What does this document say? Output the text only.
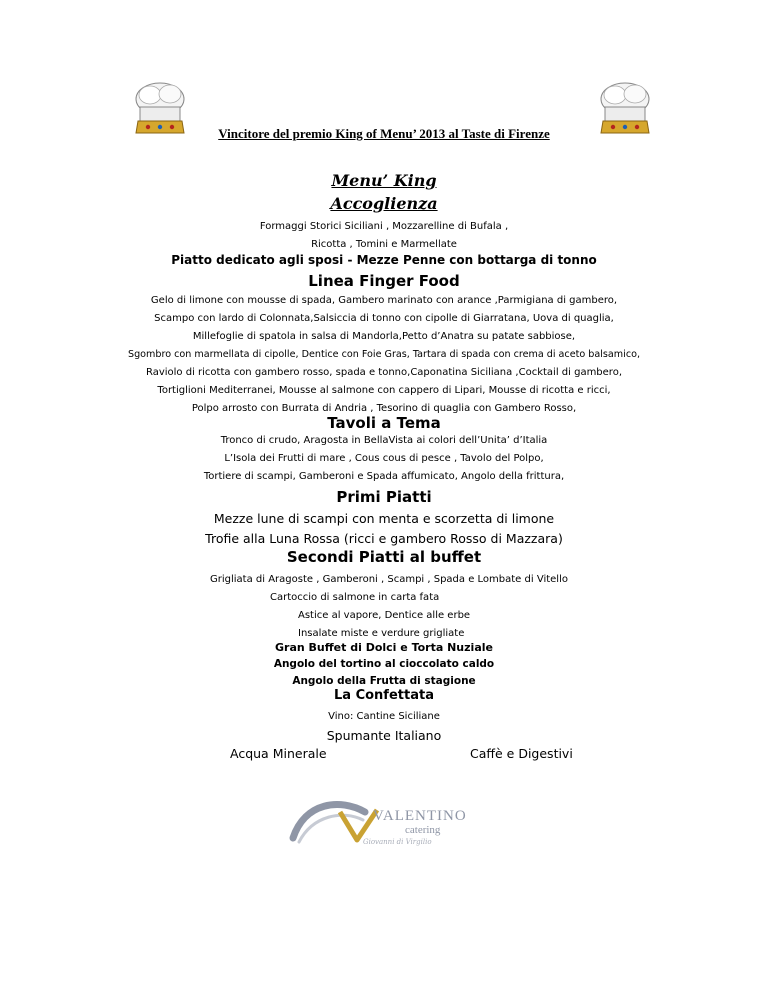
Vincitore del premio King of Menu’ 2013 al Taste di Firenze
Menu’ King
Accoglienza
Formaggi Storici Siciliani , Mozzarelline di Bufala ,
Ricotta , Tomini e Marmellate
Piatto dedicato agli sposi - Mezze Penne con bottarga di tonno
Linea Finger Food
Gelo di limone con mousse di spada, Gambero marinato con arance ,Parmigiana di gambero,
Scampo con lardo di Colonnata,Salsiccia di tonno con cipolle di Giarratana, Uova di quaglia,
Millefoglie di spatola in salsa di Mandorla,Petto d’Anatra su patate sabbiose,
Sgombro con marmellata di cipolle, Dentice con Foie Gras, Tartara di spada con crema di aceto balsamico,
Raviolo di ricotta con gambero rosso, spada e tonno,Caponatina Siciliana ,Cocktail di gambero,
Tortiglioni Mediterranei, Mousse al salmone con cappero di Lipari, Mousse di ricotta e ricci,
Polpo arrosto con Burrata di Andria , Tesorino di quaglia con Gambero Rosso,
Tavoli a Tema
Tronco di crudo, Aragosta in BellaVista ai colori dell’Unita’ d’Italia
L’Isola dei Frutti di mare , Cous cous di pesce , Tavolo del Polpo,
Tortiere di scampi, Gamberoni e Spada affumicato, Angolo della frittura,
Primi Piatti
Mezze lune di scampi con menta e scorzetta di limone
Trofie alla Luna Rossa (ricci e gambero Rosso di Mazzara)
Secondi Piatti al buffet
Grigliata di Aragoste , Gamberoni , Scampi , Spada e Lombate di Vitello
Cartoccio di salmone in carta fata
Astice al vapore, Dentice alle erbe
Insalate miste e verdure grigliate
Gran Buffet di Dolci e Torta Nuziale
Angolo del tortino al cioccolato caldo
Angolo della Frutta di stagione
La Confettata
Vino: Cantine Siciliane
Spumante Italiano
Acqua Minerale	Caffè e Digestivi
VALENTINO
catering
Giovanni di Virgilio
